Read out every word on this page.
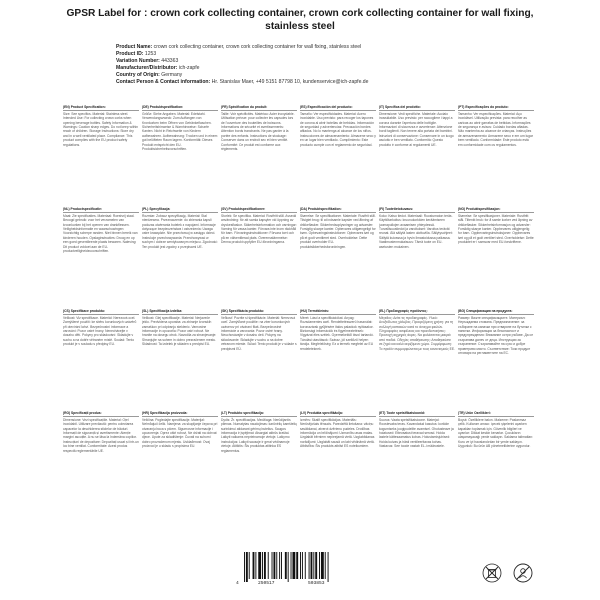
GPSR Label for : crown cork collecting container, crown cork collecting container for wall fixing, stainless steel
Product Name: crown cork collecting container, crown cork collecting container for wall fixing, stainless steel
Product ID: 1253
Variation Number: 443363
Manufacturer/Distributor: ich-zapfe
Country of Origin: Germany
Contact Person & Contact information: Hr. Stanislav Maer, +49 5151 87798 10, kundenservice@ich-zapfe.de
(EN) Product Specification:
Size: See specifics. Material: Stainless steel. Intended Use: For collecting crown corks when opening beverage bottles. Safety Information & Warnings: Caution sharp edges. Do not keep within reach of children. Storage Instructions: Store dry and in a well ventilated place. Compliance: This product complies with the EU product safety regulations.
(DE) Produktspezifikation:
Größe: Siehe Angaben. Material: Edelstahl. Verwendungszweck: Zum Auffangen von Kronkorken beim Öffnen von Getränkeflaschen. Sicherheitshinweise & Warnhinweise: Scharfe Kanten. Nicht in Reichweite von Kindern aufbewahren. Aufbewahrung: Trocken und in einem gut belüfteten Raum lagern. Konformität: Dieses Produkt entspricht den EU-Produktsicherheitsvorschriften.
(FR) Spécification du produit:
Taille: Voir spécificités. Matériau: Acier inoxydable. Utilisation prévue: pour collecter les capsules lors de l'ouverture des bouteilles de boissons. Informations de sécurité et avertissements: Attention bords tranchants. Ne pas garder à la portée des enfants. Instructions de stockage: Conserver dans un endroit sec et bien ventilé. Conformité: Ce produit est conforme aux règlements.
(ES) Especificación del producto:
Tamaño: Ver especificidades. Material: Acero inoxidable. Uso previsto: para recoger los tapones de corona al abrir botellas de bebidas. Información de seguridad y advertencias: Precaución bordes afilados. No lo mantenga al alcance de los niños. Instrucciones de almacenamiento: Almacene seco y en un lugar bien ventilado. Cumplimiento: Este producto cumple con el reglamento de seguridad.
(IT) Specifica del prodotto:
Dimensione: Vedi specifiche. Materiale: Acciaio inossidabile. Uso previsto: per raccogliere i tappi a corona durante l'apertura delle bottiglie. Informazioni di sicurezza e avvertenze: Attenzione bordi taglienti. Non tenere alla portata dei bambini. Istruzioni di conservazione: Conservare in un luogo asciutto e ben ventilato. Conformità: Questo prodotto è conforme ai regolamenti UE.
(PT) Especificações do produto:
Tamanho: Ver especificações. Material: Aço inoxidável. Utilização prevista: para recolher as caricas ao abrir garrafas de bebidas. Informações de segurança e avisos: Cuidado bordas afiadas. Não mantenha ao alcance de crianças. Instruções de armazenamento: Armazene seco e em um lugar bem ventilado. Conformidade: Este produto está em conformidade com os regulamentos.
(NL) Productspecificatie:
Maat: Zie specificaties. Materiaal: Roestvrij staal. Beoogd gebruik: voor het verzamelen van kroonkurken bij het openen van drankflessen. Veiligheidsinformatie en waarschuwingen: Voorzichtig scherpe randen. Niet binnen bereik van kinderen houden. Opslaginstructies: Droog en op een goed geventileerde plaats bewaren. Naleving: Dit product voldoet aan de EU-productveiligheidsvoorschriften.
(PL) Specyfikacja:
Rozmiar: Zobacz specyfikację. Materiał: Stal nierdzewna. Przeznaczenie: do zbierania kapsli podczas otwierania butelek z napojami. Informacje dotyczące bezpieczeństwa i ostrzeżenia: Uwaga ostre krawędzie. Nie przechowuj w zasięgu dzieci. Instrukcje przechowywania: Przechowywać w suchym i dobrze wentylowanym miejscu. Zgodność: Ten produkt jest zgodny z przepisami UE.
(SV) Produktspecifikationer:
Storlek: Se specifika. Material: Rostfritt stål. Avsedd användning: för att samla kapsyler vid öppning av dryckesflaskor. Säkerhetsinformation och varningar: Varning för vassa kanter. Förvara inte inom räckhåll för barn. Förvaringsinstruktioner: Förvara torrt och på en välventilerad plats. Överensstämmelse: Denna produkt uppfyller EU-förordningarna.
(DA) Produktspecifikation:
Størrelse: Se specifikationer. Materiale: Rustfrit stål. Tilsigtet brug: til at indsamle kapsler ved åbning af drikkeflasker. Sikkerhedsoplysninger og advarsler: Forsigtig skarpe kanter. Opbevares utilgængeligt for børn. Opbevaringsinstruktioner: Opbevares tørt og på et godt ventileret sted. Overholdelse: Dette produkt overholder EU-produktsikkerhedsforordningen.
(FI) Tuotetietokuvaus:
Koko: Katso tiedot. Materiaali: Ruostumaton teräs. Käyttötarkoitus: kruunukorkkien keräämiseen juomapullojen avaamisen yhteydessä. Turvallisuustiedot ja varoitukset: Varoitus terävät reunat. Älä säilytä lasten ulottuvilla. Säilytysohjeet: Säilytä kuivassa ja hyvin ilmastoidussa paikassa. Vaatimustenmukaisuus: Tämä tuote on EU-asetusten mukainen.
(NO) Produktspesifikasjon:
Størrelse: Se spesifikasjoner. Materiale: Rustfritt stål. Tiltenkt bruk: for å samle korker ved åpning av drikkeflasker. Sikkerhetsinformasjon og advarsler: Forsiktig skarpe kanter. Oppbevares utilgjengelig for barn. Oppbevaringsinstruksjoner: Oppbevares tørt og på et godt ventilert sted. Overholdelse: Dette produktet er i samsvar med EU-forskriftene.
(CS) Specifikace produktu:
Velikost: Viz specifikace. Materiál: Nerezová ocel. Zamýšlené použití: ke sběru korunkových uzávěrů při otevírání lahví. Bezpečnostní informace a varování: Pozor ostré hrany. Nenechávejte v dosahu dětí. Pokyny pro skladování: Skladujte v suchu a na dobře větraném místě. Soulad: Tento produkt je v souladu s předpisy EU.
(SL) Specifikacija izdelka:
Velikost: Glej specifikacije. Material: Nerjaveče jeklo. Predvidena uporaba: za zbiranje kronskih zamaškov pri odpiranju steklenic. Varnostne informacije in opozorila: Pozor ostri robovi. Ne hranite na dosegu otrok. Navodila za shranjevanje: Shranjujte na suhem in dobro prezračenem mestu. Skladnost: Ta izdelek je skladen s predpisi EU.
(SK) Špecifikácia produktu:
Veľkosť: Pozrite si špecifikácie. Materiál: Nerezová oceľ. Zamýšľané použitie: na zber korunkových uzáverov pri otváraní fliaš. Bezpečnostné informácie a varovania: Pozor ostré hrany. Neuchovávajte v dosahu detí. Pokyny na skladovanie: Skladujte v suchu a na dobre vetranom mieste. Súlad: Tento produkt je v súlade s predpismi EÚ.
(HU) Termékleírás:
Méret: Lásd a specifikációkat. Anyag: Rozsdamentes acél. Rendeltetésszerű használat: koronazárak gyűjtésére italos palackok nyitásakor. Biztonsági információk és figyelmeztetések: Vigyázat éles szélek. Gyermekektől távol tartandó. Tárolási utasítások: Száraz, jól szellőző helyen tárolja. Megfelelőség: Ez a termék megfelel az EU rendeleteknek.
(EL) Προδιαγραφές προϊόντος:
Μέγεθος: Δείτε τις προδιαγραφές. Υλικό: Ανοξείδωτος χάλυβας. Προοριζόμενη χρήση: για τη συλλογή καπακιών κατά το άνοιγμα φιαλών. Πληροφορίες ασφάλειας και προειδοποιήσεις: Προσοχή αιχμηρές άκρες. Να φυλάσσεται μακριά από παιδιά. Οδηγίες αποθήκευσης: Αποθηκεύστε σε ξηρό και καλά αεριζόμενο χώρο. Συμμόρφωση: Το προϊόν συμμορφώνεται με τους κανονισμούς ΕΕ.
(BG) Спецификация на продукта:
Размер: Вижте спецификациите. Материал: Неръждаема стомана. Предназначение: за събиране на капачки при отваряне на бутилки с напитки. Информация за безопасност и предупреждения: Внимание остри ръбове. Да се съхранява далеч от деца. Инструкции за съхранение: Съхранявайте на сухо и добре проветриво място. Съответствие: Този продукт отговаря на регламентите на ЕС.
(RO) Specificații produs:
Dimensiune: Vezi specificațiile. Material: Oțel inoxidabil. Utilizare prevăzută: pentru colectarea capacelor la deschiderea sticlelor de băuturi. Informații de siguranță și avertismente: Atenție margini ascuțite. A nu se lăsa la îndemâna copiilor. Instrucțiuni de depozitare: Depozitați uscat și într-un loc bine ventilat. Conformitate: Acest produs respectă reglementările UE.
(HR) Specifikacija proizvoda:
Veličina: Pogledajte specifikacije. Materijal: Nehrđajući čelik. Namjena: za skupljanje čepova pri otvaranju boca s pićem. Sigurnosne informacije i upozorenja: Oprez oštri rubovi. Ne držati na dohvat djece. Upute za skladištenje: Čuvati na suhom i dobro prozračenom mjestu. Usklađenost: Ovaj proizvod je u skladu s propisima EU.
(LT) Produkto specifikacija:
Dydis: Žr. specifikacijas. Medžiaga: Nerūdijantis plienas. Numatytas naudojimas: karūnėlių kamštelių surinkimui atidarant gėrimų butelius. Saugos informacija ir įspėjimai: Atsargiai aštrūs kraštai. Laikyti vaikams neprieinamoje vietoje. Laikymo instrukcijos: Laikyti sausoje ir gerai vėdinamoje vietoje. Atitiktis: Šis produktas atitinka ES reglamentus.
(LV) Produkta specifikācija:
Izmērs: Skatīt specifikācijas. Materiāls: Nerūsējošais tērauds. Paredzētā lietošana: vāciņu savākšanai, atverot dzērienu pudeles. Drošības informācija un brīdinājumi: Uzmanību asas malas. Uzglabāt bērniem nepieejamā vietā. Uzglabāšanas norādījumi: Uzglabāt sausā un labi vēdināmā vietā. Atbilstība: Šis produkts atbilst ES noteikumiem.
(ET) Toote spetsifikatsioonid:
Suurus: Vaata spetsifikatsioone. Materjal: Roostevaba teras. Kavandatud kasutus: korkide kogumiseks joogipudelite avamisel. Ohutusteave ja hoiatused: Ettevaatust teravad servad. Hoida lastele kättesaamatus kohas. Hoiustamisjuhised: Hoida kuivas ja hästi ventileeritavas kohas. Vastavus: See toode vastab EL-i määrustele.
(TR) Ürün Özellikleri:
Boyut: Özelliklere bakın. Malzeme: Paslanmaz çelik. Kullanım amacı: içecek şişelerini açarken kapakları toplamak için. Güvenlik bilgileri ve uyarılar: Dikkat keskin kenarlar. Çocukların ulaşamayacağı yerde saklayın. Saklama talimatları: Kuru ve iyi havalandırılan bir yerde saklayın. Uygunluk: Bu ürün AB yönetmeliklerine uygundur.
4	250517	503853
